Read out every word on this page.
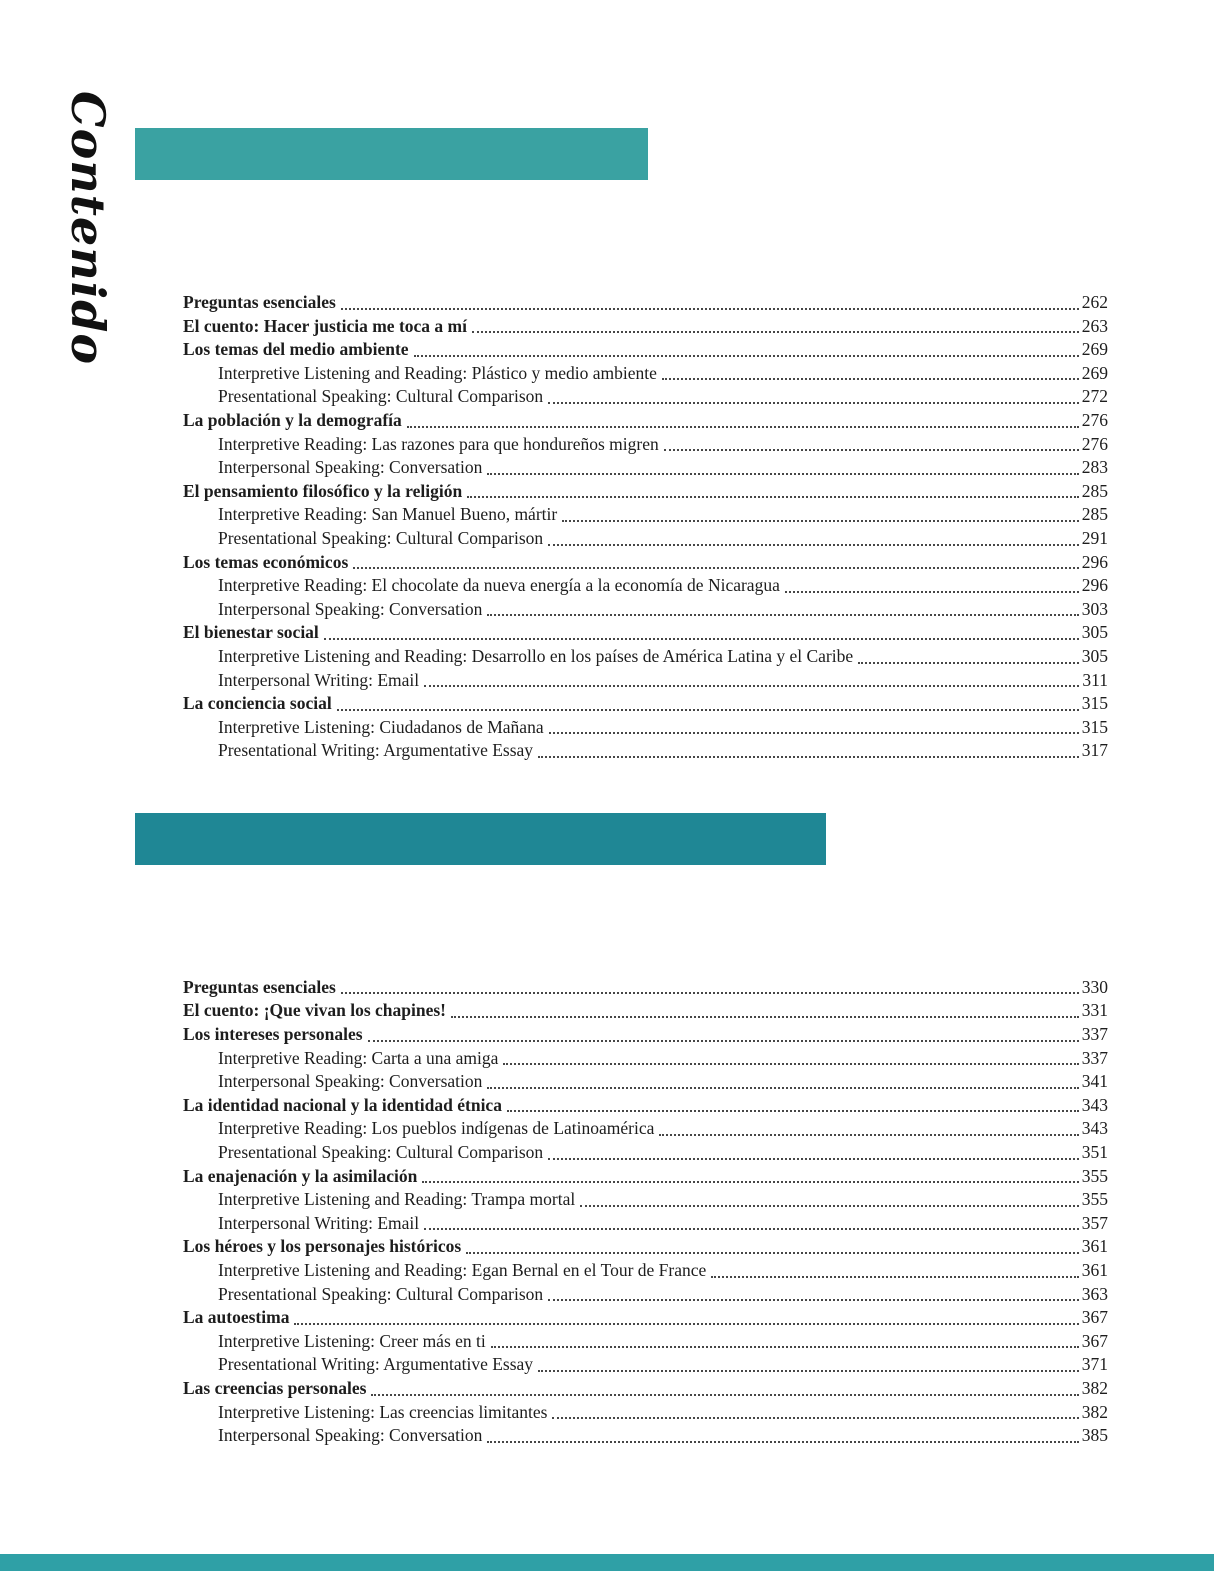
Contenido	Unidad 5:  Los desafíos mundiales

Preguntas esenciales	262
El cuento: Hacer justicia me toca a mí	263
Los temas del medio ambiente	269
Interpretive Listening and Reading: Plástico y medio ambiente	269
Presentational Speaking: Cultural Comparison	272
La población y la demografía	276
Interpretive Reading: Las razones para que hondureños migren	276
Interpersonal Speaking: Conversation	283
El pensamiento filosófico y la religión	285
Interpretive Reading: San Manuel Bueno, mártir	285
Presentational Speaking: Cultural Comparison	291
Los temas económicos	296
Interpretive Reading: El chocolate da nueva energía a la economía de Nicaragua	296
Interpersonal Speaking: Conversation	303
El bienestar social	305
Interpretive Listening and Reading: Desarrollo en los países de América Latina y el Caribe	305
Interpersonal Writing: Email	311
La conciencia social	315
Interpretive Listening: Ciudadanos de Mañana	315
Presentational Writing: Argumentative Essay	317

Unidad 6:  Las identidades personales y públicas

Preguntas esenciales	330
El cuento: ¡Que vivan los chapines!	331
Los intereses personales	337
Interpretive Reading: Carta a una amiga	337
Interpersonal Speaking: Conversation	341
La identidad nacional y la identidad étnica	343
Interpretive Reading: Los pueblos indígenas de Latinoamérica	343
Presentational Speaking: Cultural Comparison	351
La enajenación y la asimilación	355
Interpretive Listening and Reading: Trampa mortal	355
Interpersonal Writing: Email	357
Los héroes y los personajes históricos	361
Interpretive Listening and Reading: Egan Bernal en el Tour de France	361
Presentational Speaking: Cultural Comparison	363
La autoestima	367
Interpretive Listening: Creer más en ti	367
Presentational Writing: Argumentative Essay	371
Las creencias personales	382
Interpretive Listening: Las creencias limitantes	382
Interpersonal Speaking: Conversation	385
